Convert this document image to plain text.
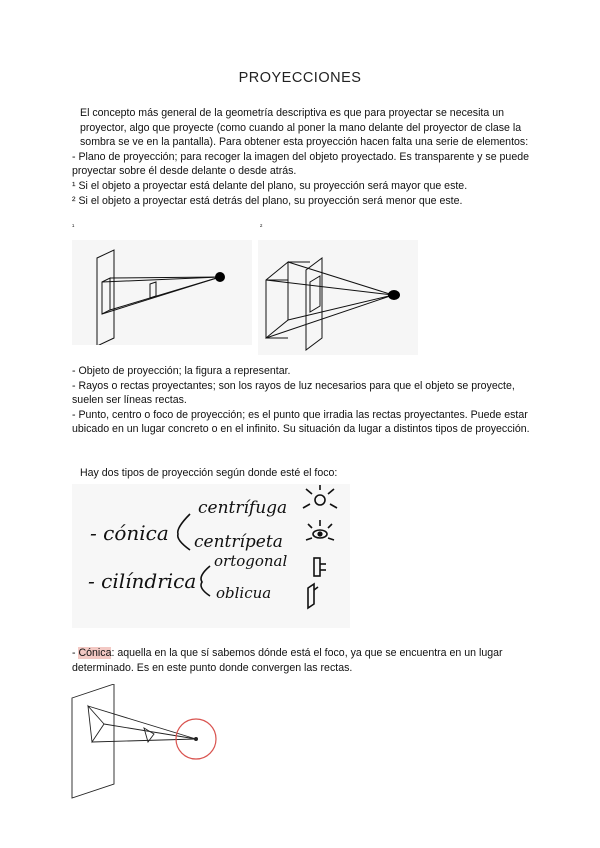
PROYECCIONES

El concepto más general de la geometría descriptiva es que para proyectar se necesita un proyector, algo que proyecte (como cuando al poner la mano delante del proyector de clase la sombra se ve en la pantalla). Para obtener esta proyección hacen falta una serie de elementos:

- Plano de proyección; para recoger la imagen del objeto proyectado. Es transparente y se puede proyectar sobre él desde delante o desde atrás.

¹ Si el objeto a proyectar está delante del plano, su proyección será mayor que este.

² Si el objeto a proyectar está detrás del plano, su proyección será menor que este.

¹	²

- Objeto de proyección; la figura a representar.

- Rayos o rectas proyectantes; son los rayos de luz necesarios para que el objeto se proyecte, suelen ser líneas rectas.

- Punto, centro o foco de proyección; es el punto que irradia las rectas proyectantes. Puede estar ubicado en un lugar concreto o en el infinito. Su situación da lugar a distintos tipos de proyección.

Hay dos tipos de proyección según donde esté el foco:
- cónica
centrífuga
centrípeta
- cilíndrica
ortogonal
oblicua
- Cónica: aquella en la que sí sabemos dónde está el foco, ya que se encuentra en un lugar determinado. Es en este punto donde convergen las rectas.
